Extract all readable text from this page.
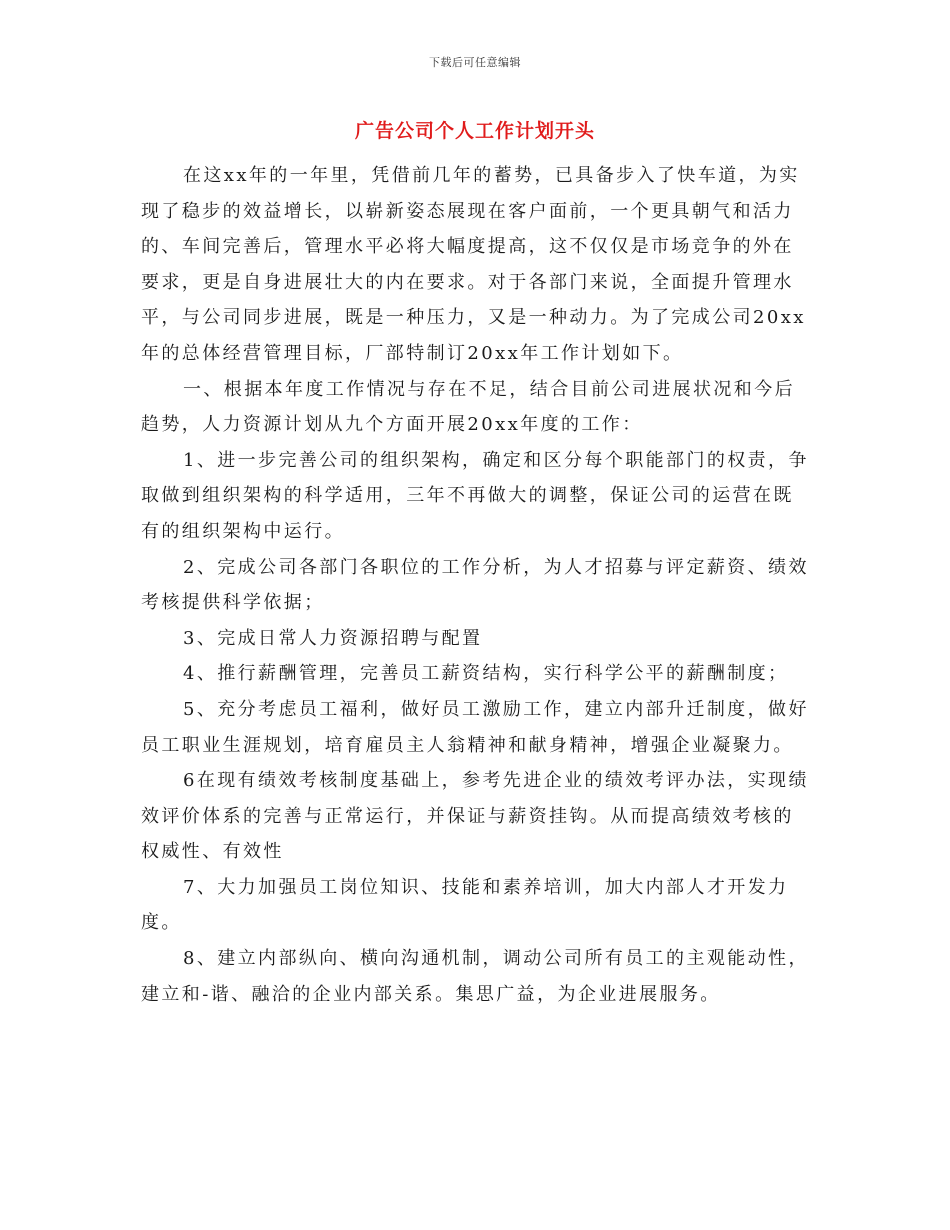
下载后可任意编辑
广告公司个人工作计划开头

在这xx年的一年里，凭借前几年的蓄势，已具备步入了快车道，为实现了稳步的效益增长，以崭新姿态展现在客户面前，一个更具朝气和活力的、车间完善后，管理水平必将大幅度提高，这不仅仅是市场竞争的外在要求，更是自身进展壮大的内在要求。对于各部门来说，全面提升管理水平，与公司同步进展，既是一种压力，又是一种动力。为了完成公司20xx年的总体经营管理目标，厂部特制订20xx年工作计划如下。

一、根据本年度工作情况与存在不足，结合目前公司进展状况和今后趋势，人力资源计划从九个方面开展20xx年度的工作：

1、进一步完善公司的组织架构，确定和区分每个职能部门的权责，争取做到组织架构的科学适用，三年不再做大的调整，保证公司的运营在既有的组织架构中运行。

2、完成公司各部门各职位的工作分析，为人才招募与评定薪资、绩效考核提供科学依据；

3、完成日常人力资源招聘与配置

4、推行薪酬管理，完善员工薪资结构，实行科学公平的薪酬制度；

5、充分考虑员工福利，做好员工激励工作，建立内部升迁制度，做好员工职业生涯规划，培育雇员主人翁精神和献身精神，增强企业凝聚力。

6在现有绩效考核制度基础上，参考先进企业的绩效考评办法，实现绩效评价体系的完善与正常运行，并保证与薪资挂钩。从而提高绩效考核的权威性、有效性

7、大力加强员工岗位知识、技能和素养培训，加大内部人才开发力度。

8、建立内部纵向、横向沟通机制，调动公司所有员工的主观能动性，建立和-谐、融洽的企业内部关系。集思广益，为企业进展服务。
